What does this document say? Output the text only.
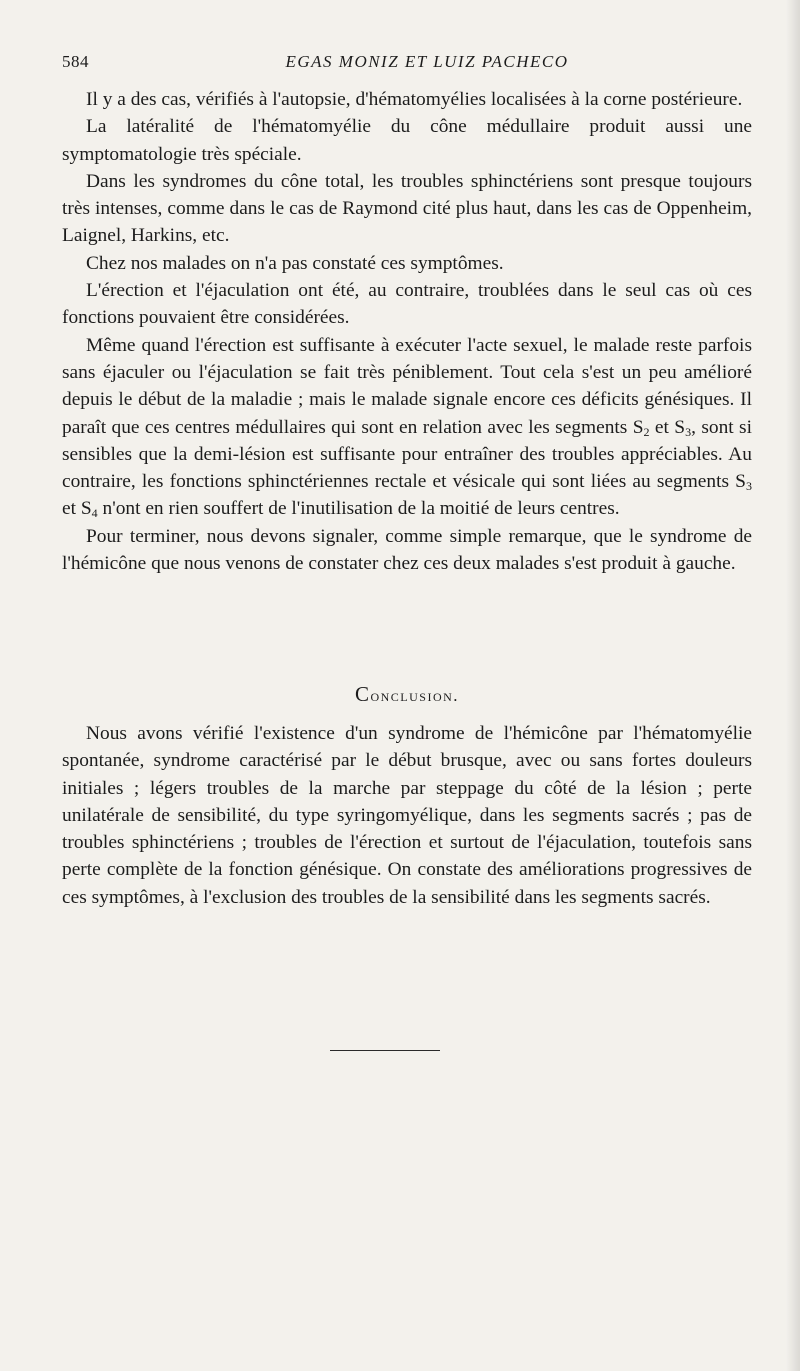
584	EGAS MONIZ ET LUIZ PACHECO

Il y a des cas, vérifiés à l'autopsie, d'hématomyélies localisées à la corne postérieure.

La latéralité de l'hématomyélie du cône médullaire produit aussi une symptomatologie très spéciale.

Dans les syndromes du cône total, les troubles sphinctériens sont presque toujours très intenses, comme dans le cas de Raymond cité plus haut, dans les cas de Oppenheim, Laignel, Harkins, etc.

Chez nos malades on n'a pas constaté ces symptômes.

L'érection et l'éjaculation ont été, au contraire, troublées dans le seul cas où ces fonctions pouvaient être considérées.

Même quand l'érection est suffisante à exécuter l'acte sexuel, le malade reste parfois sans éjaculer ou l'éjaculation se fait très péniblement. Tout cela s'est un peu amélioré depuis le début de la maladie ; mais le malade signale encore ces déficits génésiques. Il paraît que ces centres médullaires qui sont en relation avec les segments $S_2$ et $S_3$, sont si sensibles que la demi-lésion est suffisante pour entraîner des troubles appréciables. Au contraire, les fonctions sphinctériennes rectale et vésicale qui sont liées au segments $S_3$ et $S_4$ n'ont en rien souffert de l'inutilisation de la moitié de leurs centres.

Pour terminer, nous devons signaler, comme simple remarque, que le syndrome de l'hémicône que nous venons de constater chez ces deux malades s'est produit à gauche.

Conclusion.

Nous avons vérifié l'existence d'un syndrome de l'hémicône par l'hématomyélie spontanée, syndrome caractérisé par le début brusque, avec ou sans fortes douleurs initiales ; légers troubles de la marche par steppage du côté de la lésion ; perte unilatérale de sensibilité, du type syringomyélique, dans les segments sacrés ; pas de troubles sphinctériens ; troubles de l'érection et surtout de l'éjaculation, toutefois sans perte complète de la fonction génésique. On constate des améliorations progressives de ces symptômes, à l'exclusion des troubles de la sensibilité dans les segments sacrés.
